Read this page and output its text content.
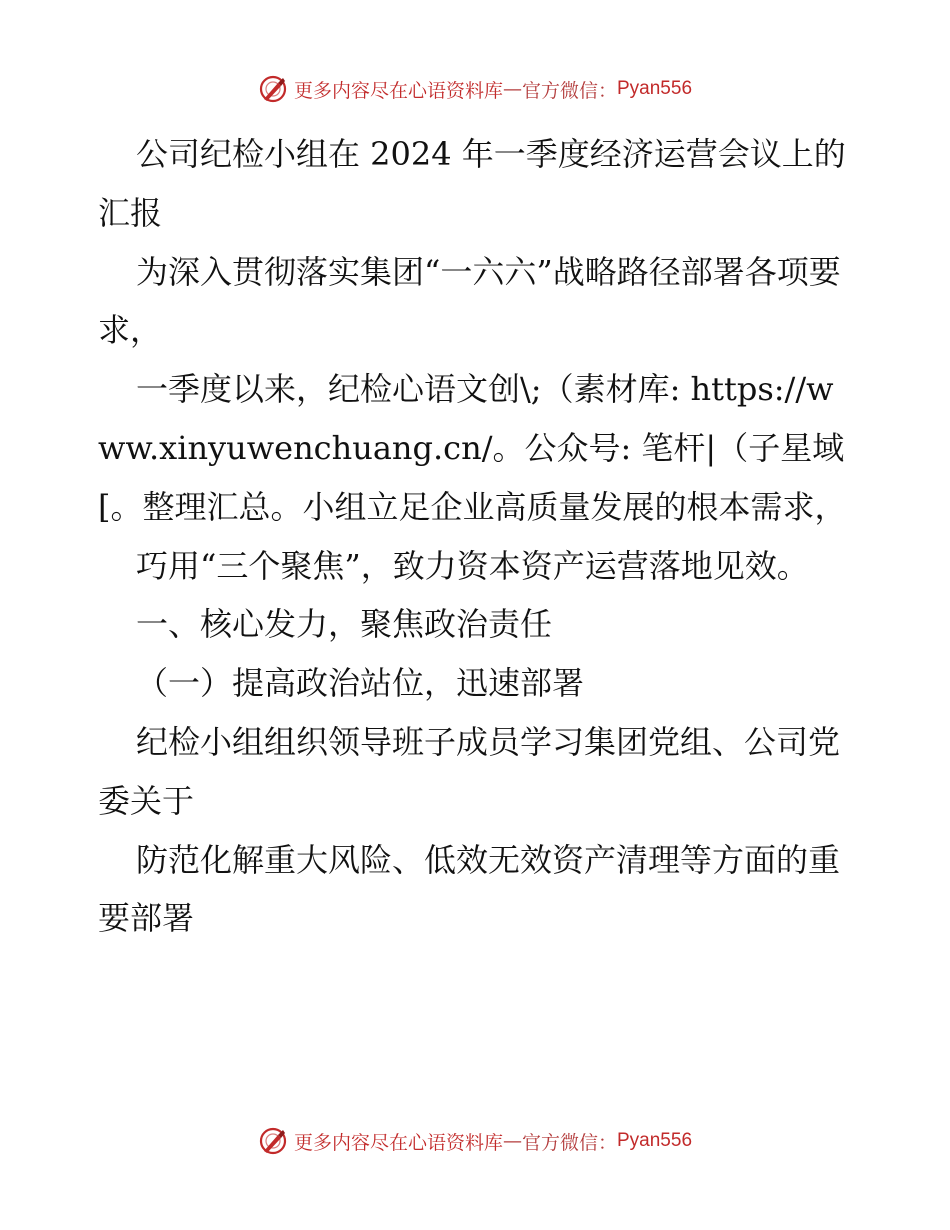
更多内容尽在心语资料库 — 官方微信： Pyan556

公司纪检小组在 2024 年一季度经济运营会议上的汇报

为深入贯彻落实集团“一六六”战略路径部署各项要求，

一季度以来，纪检心语文创\;（素材库: https://www.xinyuwenchuang.cn/。公众号: 笔杆|（子星域[。整理汇总。小组立足企业高质量发展的根本需求，

巧用“三个聚焦”，致力资本资产运营落地见效。

一、核心发力，聚焦政治责任

（一）提高政治站位，迅速部署

纪检小组组织领导班子成员学习集团党组、公司党委关于

防范化解重大风险、低效无效资产清理等方面的重要部署

更多内容尽在心语资料库 — 官方微信： Pyan556
